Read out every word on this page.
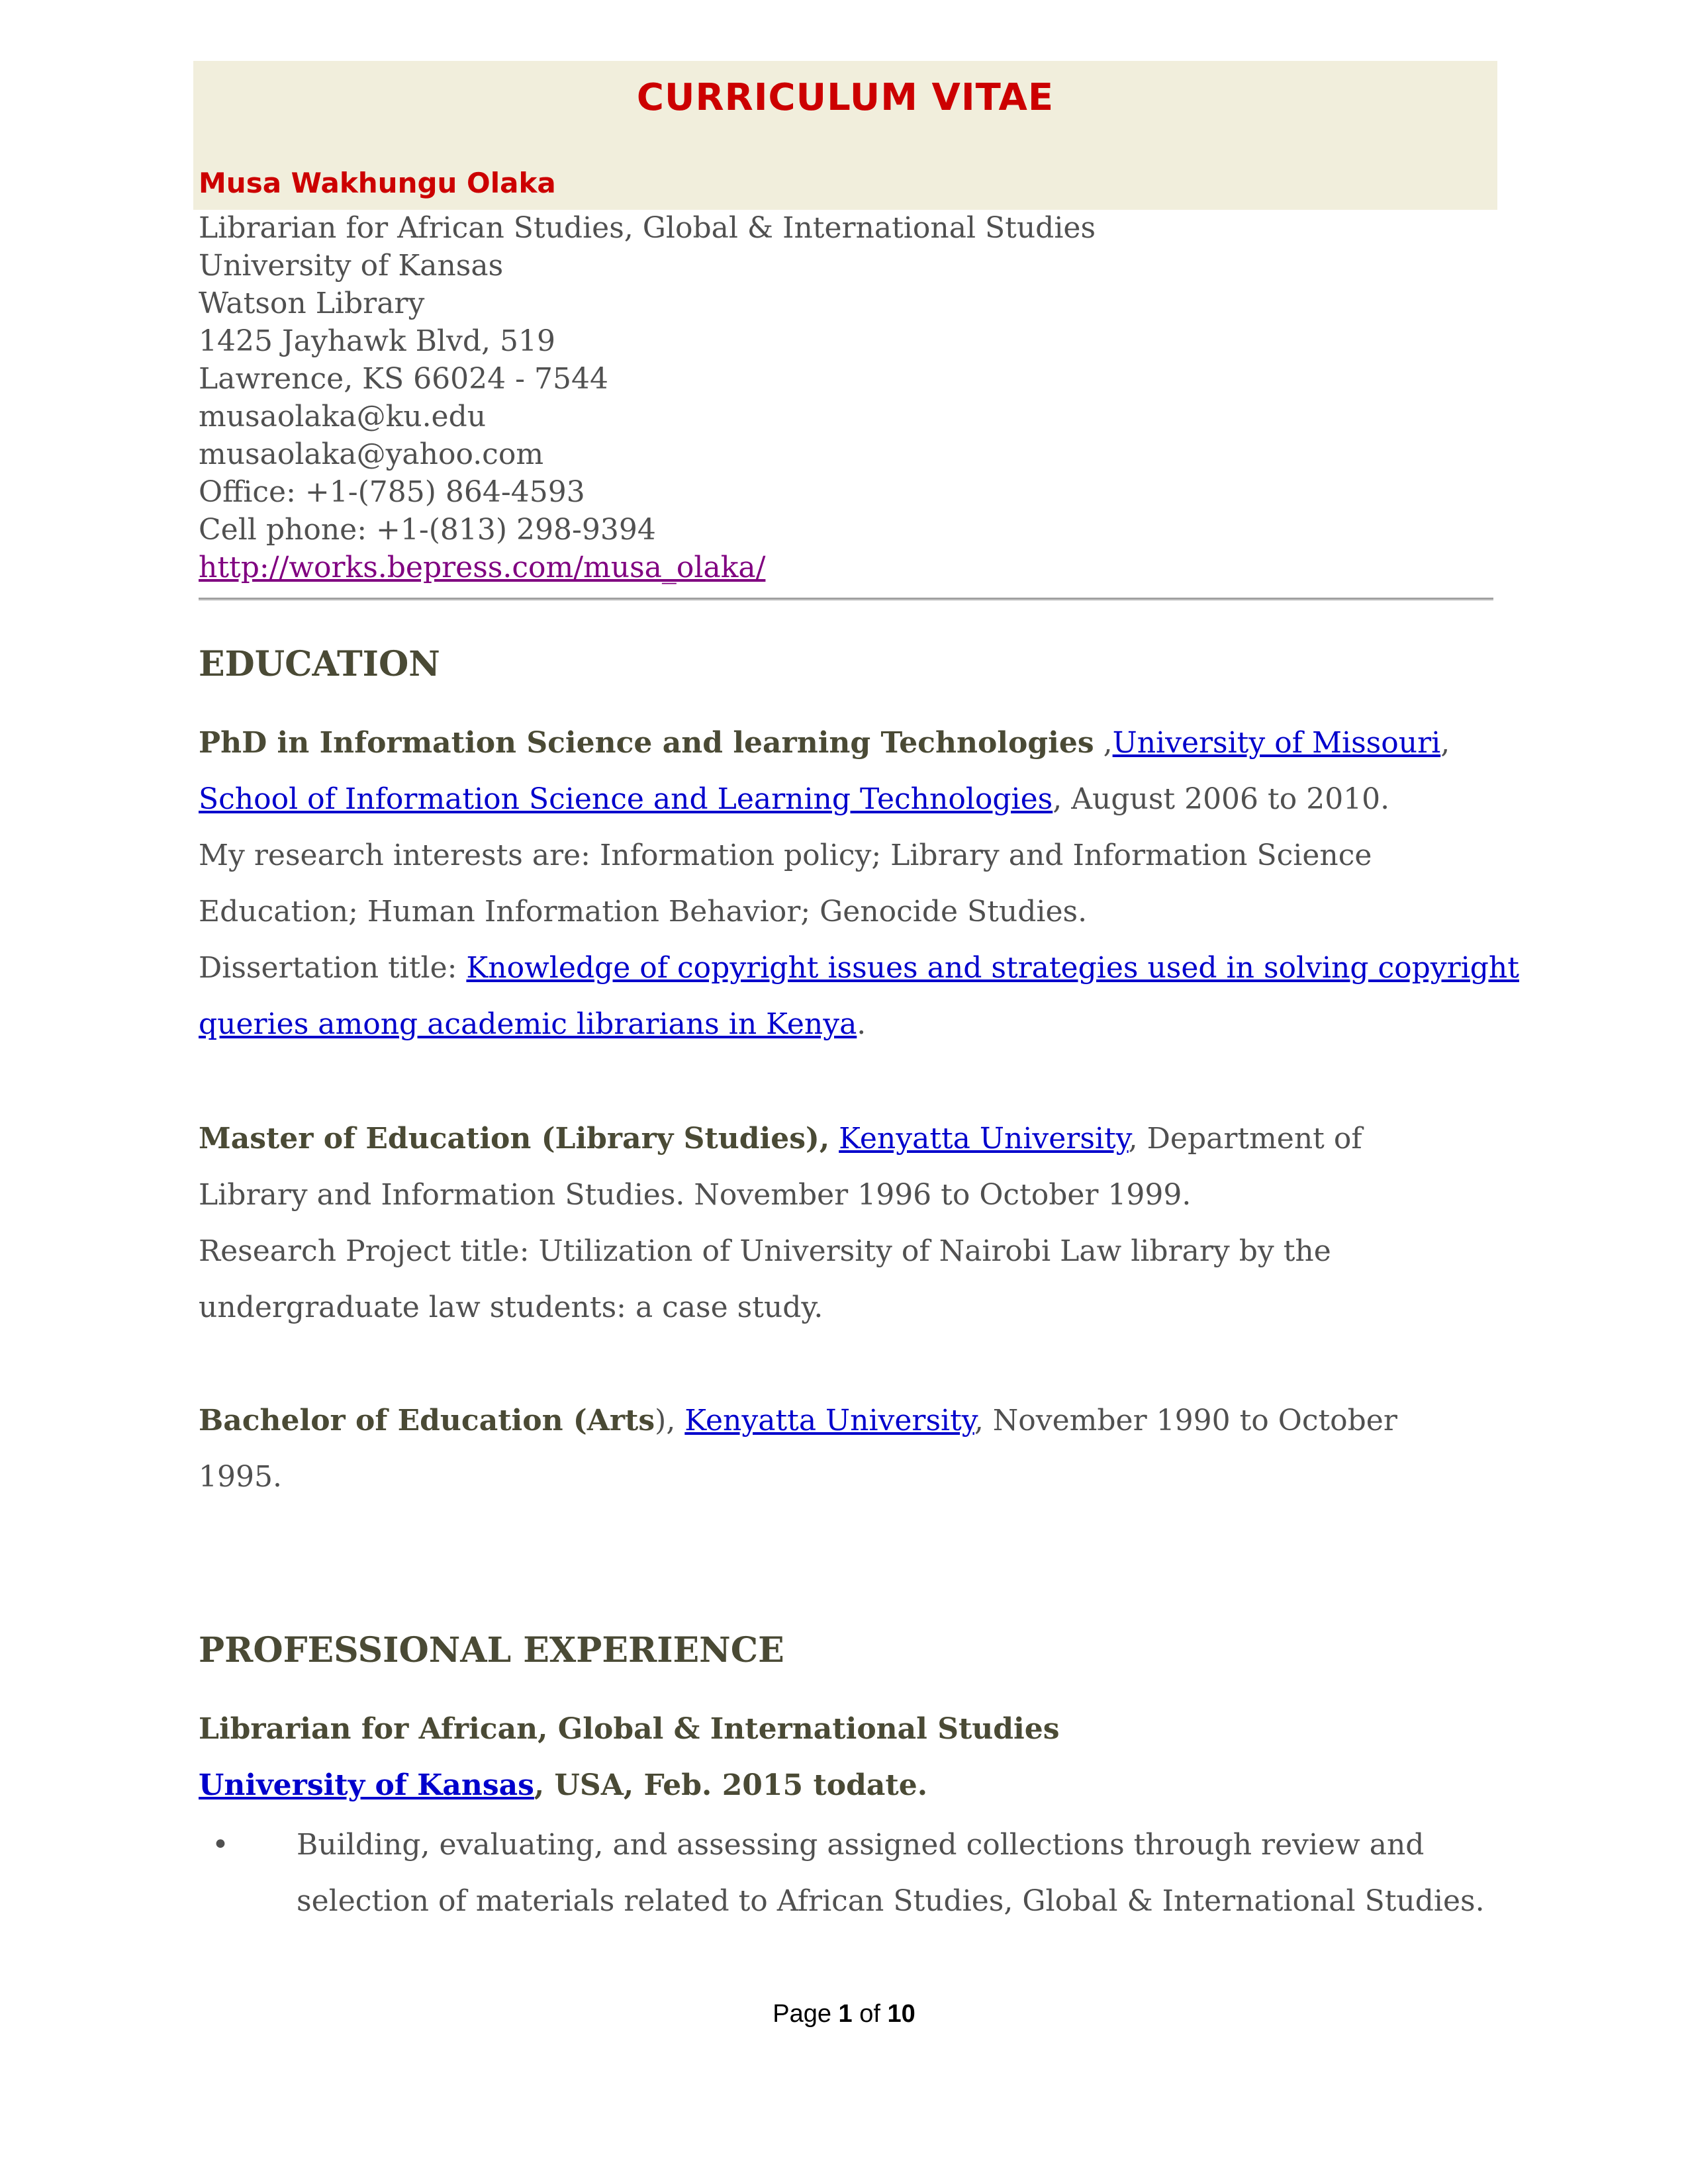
CURRICULUM VITAE
Musa Wakhungu Olaka
Librarian for African Studies, Global & International Studies
University of Kansas
Watson Library
1425 Jayhawk Blvd, 519
Lawrence, KS 66024 - 7544
musaolaka@ku.edu
musaolaka@yahoo.com
Office: +1-(785) 864-4593
Cell phone: +1-(813) 298-9394
http://works.bepress.com/musa_olaka/
EDUCATION
PhD in Information Science and learning Technologies ,University of Missouri,
School of Information Science and Learning Technologies, August 2006 to 2010.
My research interests are: Information policy; Library and Information Science
Education; Human Information Behavior; Genocide Studies.
Dissertation title: Knowledge of copyright issues and strategies used in solving copyright
queries among academic librarians in Kenya.
Master of Education (Library Studies), Kenyatta University, Department of
Library and Information Studies. November 1996 to October 1999.
Research Project title: Utilization of University of Nairobi Law library by the
undergraduate law students: a case study.
Bachelor of Education (Arts), Kenyatta University, November 1990 to October
1995.
PROFESSIONAL EXPERIENCE
Librarian for African, Global & International Studies
University of Kansas, USA, Feb. 2015 todate.
• Building, evaluating, and assessing assigned collections through review and
selection of materials related to African Studies, Global & International Studies.
Page 1 of 10
